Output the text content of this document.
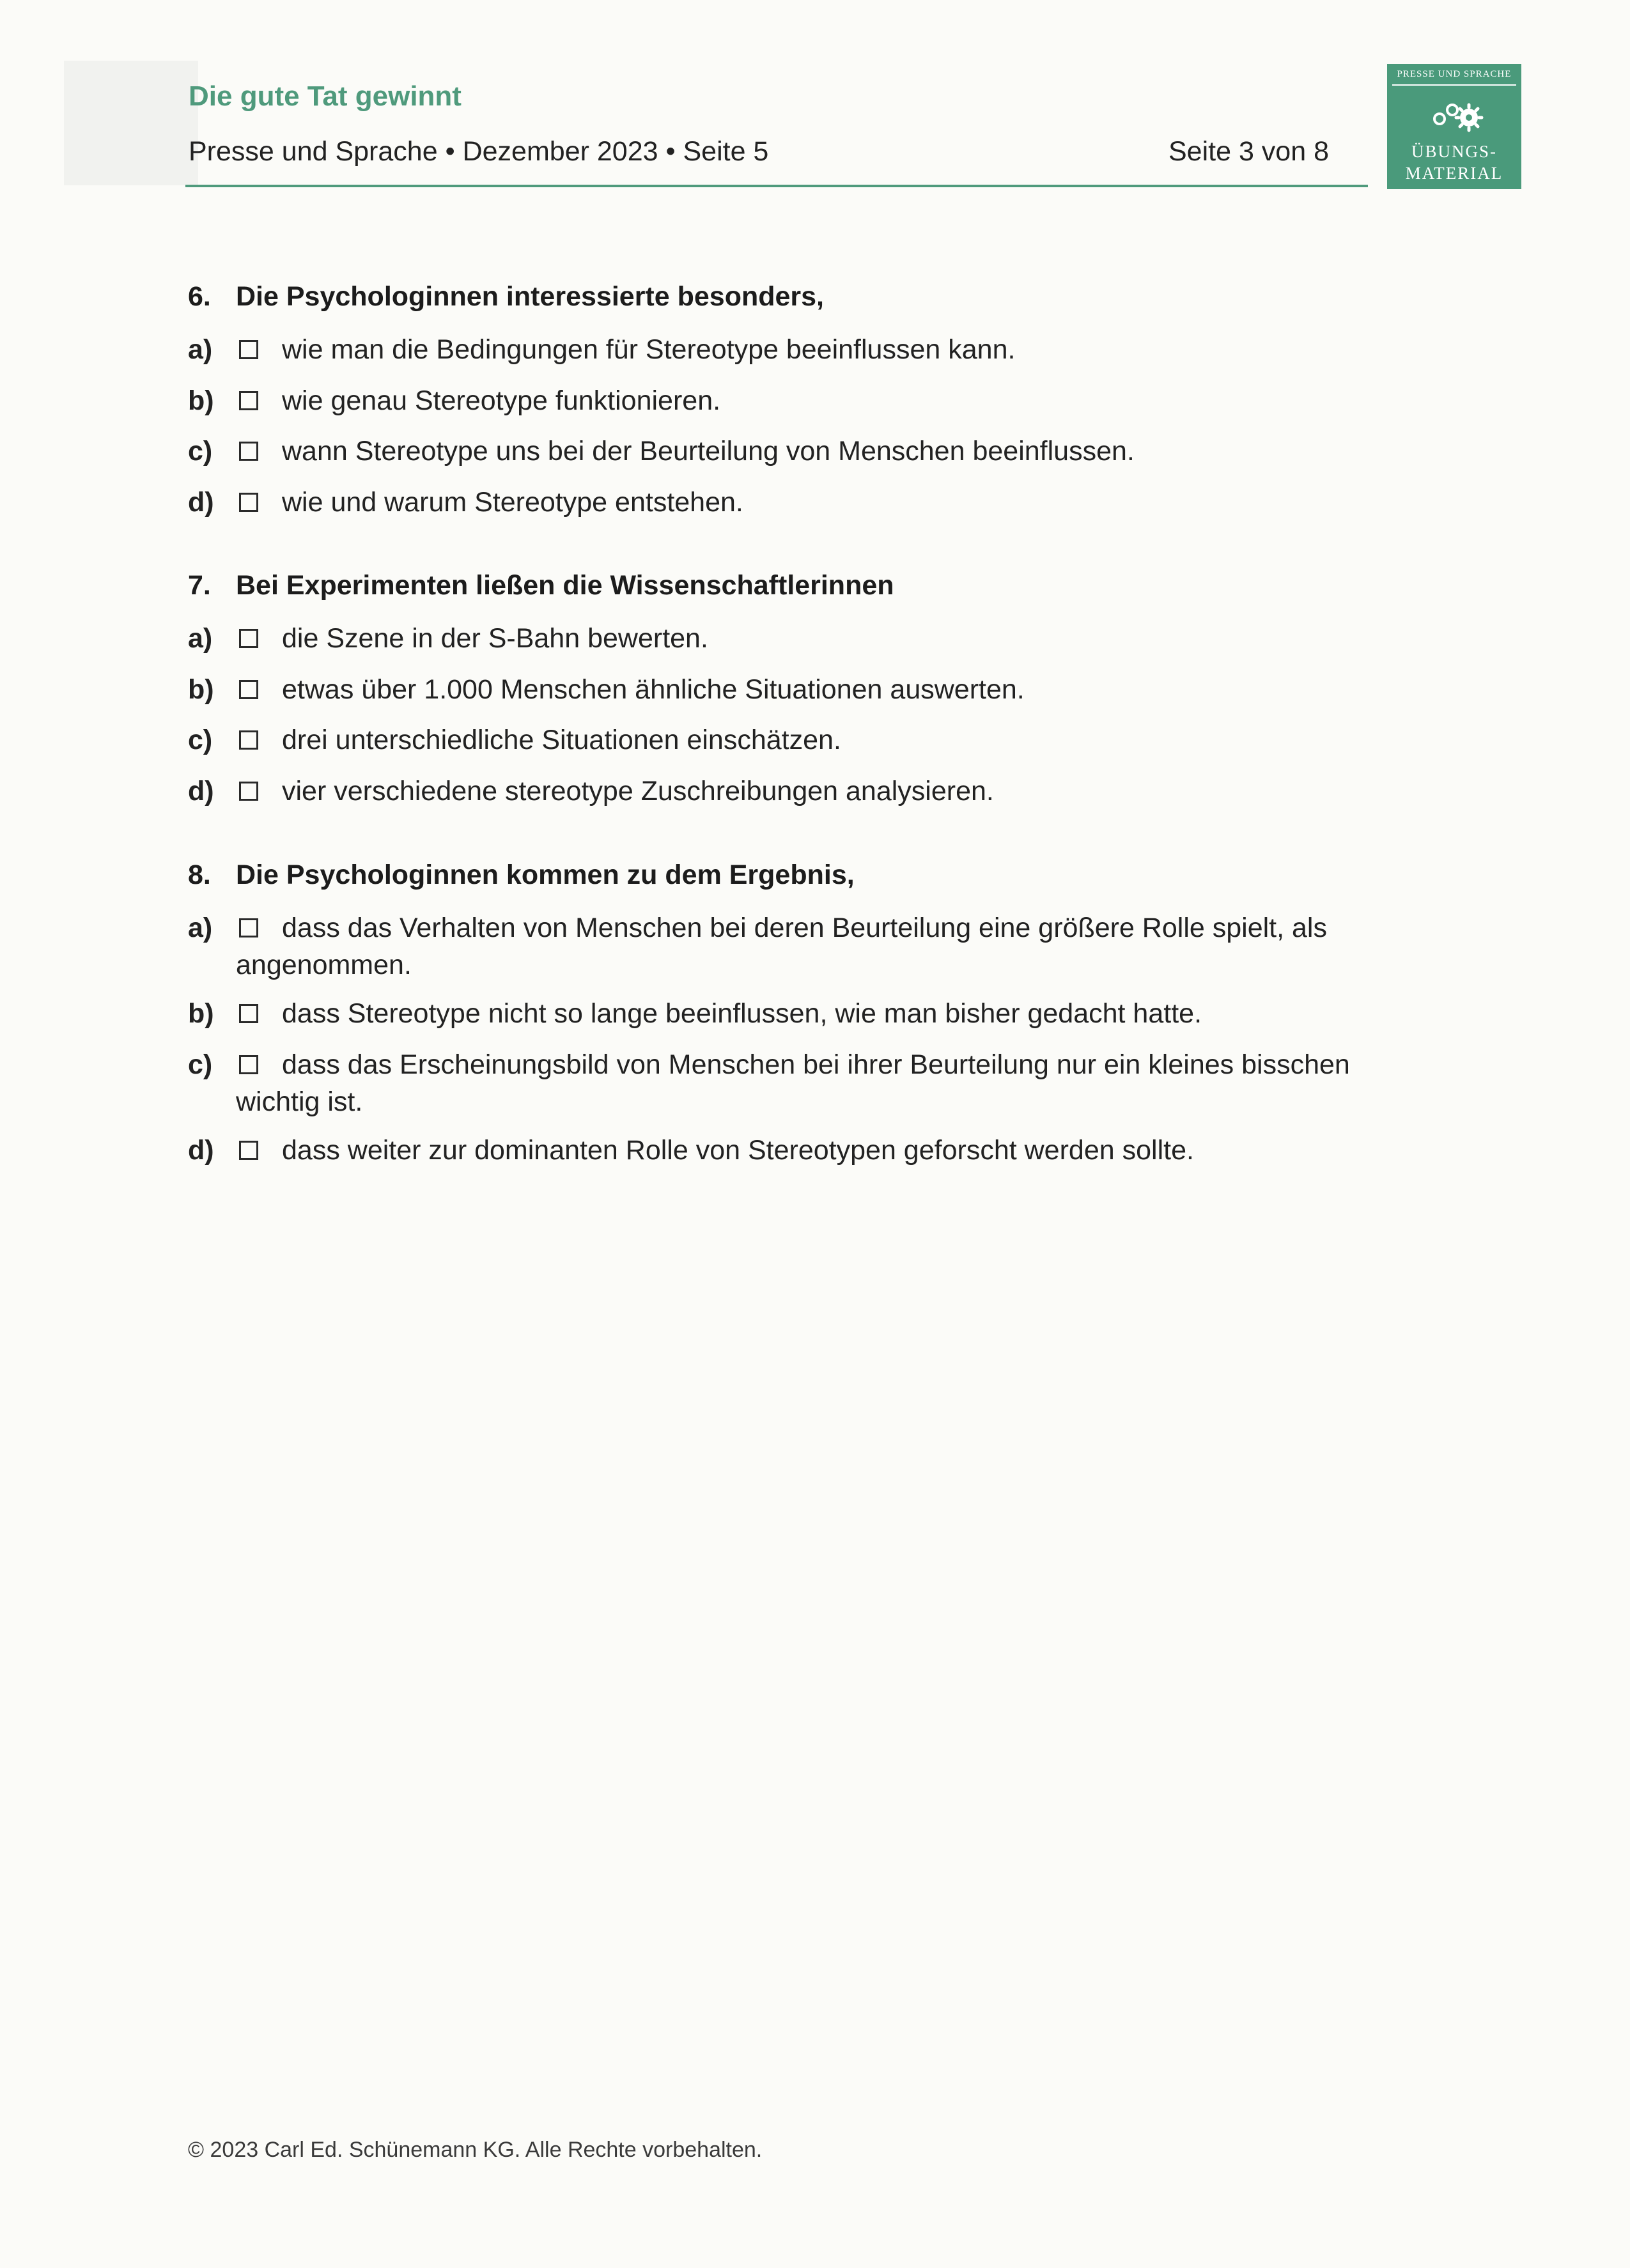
Die gute Tat gewinnt
Presse und Sprache • Dezember 2023 • Seite 5	Seite 3 von 8
PRESSE UND SPRACHE
ÜBUNGS-
MATERIAL
6. Die Psychologinnen interessierte besonders,
a)	wie man die Bedingungen für Stereotype beeinflussen kann.
b) wie genau Stereotype funktionieren.
c)	wann Stereotype uns bei der Beurteilung von Menschen beeinflussen.
d) wie und warum Stereotype entstehen.
7. Bei Experimenten ließen die Wissenschaftlerinnen
a)	die Szene in der S-Bahn bewerten.
b) etwas über 1.000 Menschen ähnliche Situationen auswerten.
c)	drei unterschiedliche Situationen einschätzen.
d) vier verschiedene stereotype Zuschreibungen analysieren.
8. Die Psychologinnen kommen zu dem Ergebnis,
a)	dass das Verhalten von Menschen bei deren Beurteilung eine größere Rolle spielt, als
angenommen.
b) dass Stereotype nicht so lange beeinflussen, wie man bisher gedacht hatte.
c)	dass das Erscheinungsbild von Menschen bei ihrer Beurteilung nur ein kleines bisschen
wichtig ist.
d) dass weiter zur dominanten Rolle von Stereotypen geforscht werden sollte.
© 2023 Carl Ed. Schünemann KG. Alle Rechte vorbehalten.
